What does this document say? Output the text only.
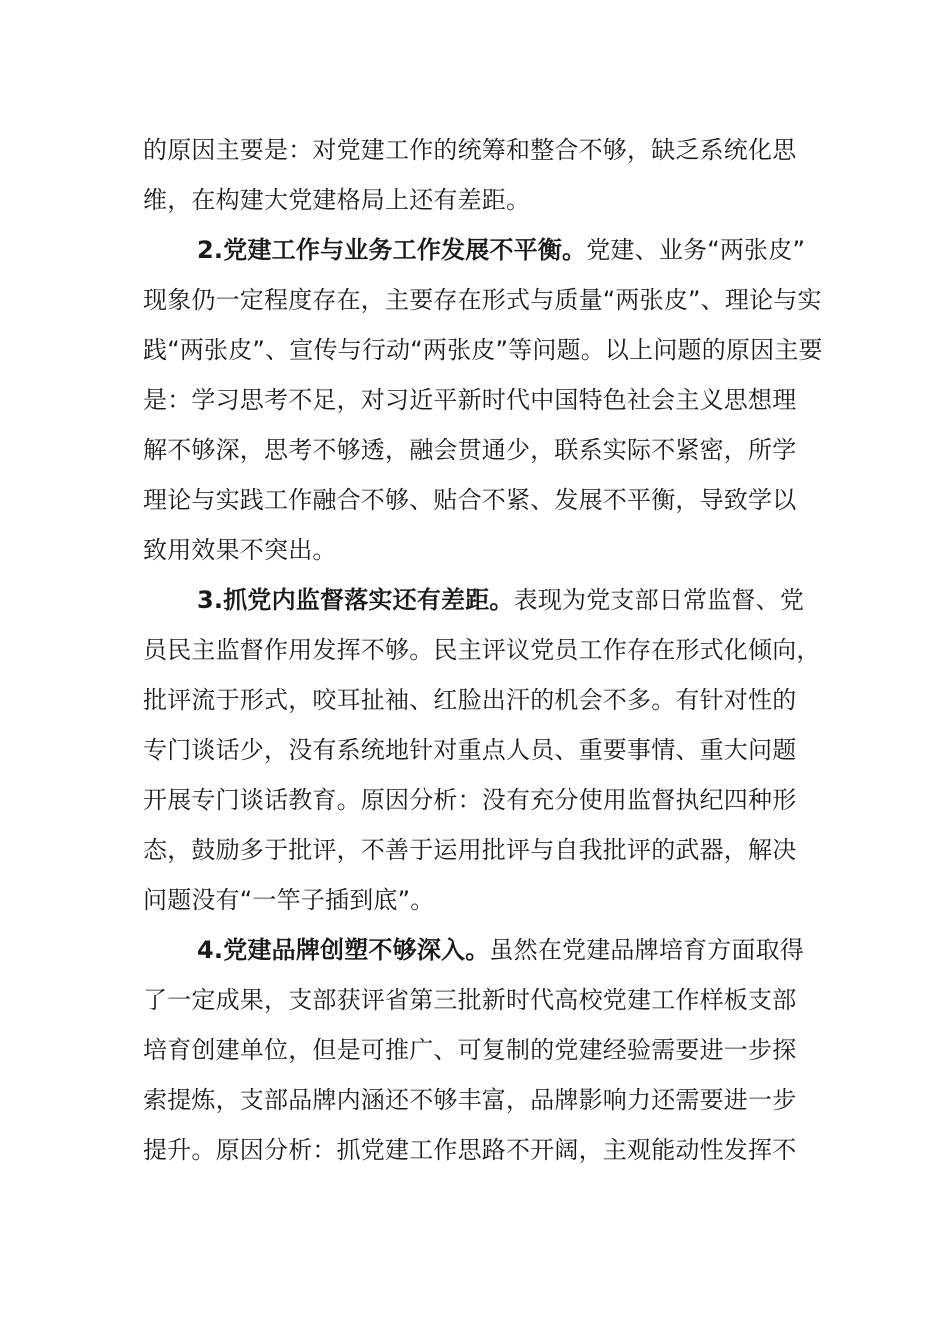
的原因主要是：对党建工作的统筹和整合不够，缺乏系统化思
维，在构建大党建格局上还有差距。
2.党建工作与业务工作发展不平衡。党建、业务“两张皮”
现象仍一定程度存在，主要存在形式与质量“两张皮”、理论与实
践“两张皮”、宣传与行动“两张皮”等问题。以上问题的原因主要
是：学习思考不足，对习近平新时代中国特色社会主义思想理
解不够深，思考不够透，融会贯通少，联系实际不紧密，所学
理论与实践工作融合不够、贴合不紧、发展不平衡，导致学以
致用效果不突出。
3.抓党内监督落实还有差距。表现为党支部日常监督、党
员民主监督作用发挥不够。民主评议党员工作存在形式化倾向，
批评流于形式，咬耳扯袖、红脸出汗的机会不多。有针对性的
专门谈话少，没有系统地针对重点人员、重要事情、重大问题
开展专门谈话教育。原因分析：没有充分使用监督执纪四种形
态，鼓励多于批评，不善于运用批评与自我批评的武器，解决
问题没有“一竿子插到底”。
4.党建品牌创塑不够深入。虽然在党建品牌培育方面取得
了一定成果，支部获评省第三批新时代高校党建工作样板支部
培育创建单位，但是可推广、可复制的党建经验需要进一步探
索提炼，支部品牌内涵还不够丰富，品牌影响力还需要进一步
提升。原因分析：抓党建工作思路不开阔，主观能动性发挥不
